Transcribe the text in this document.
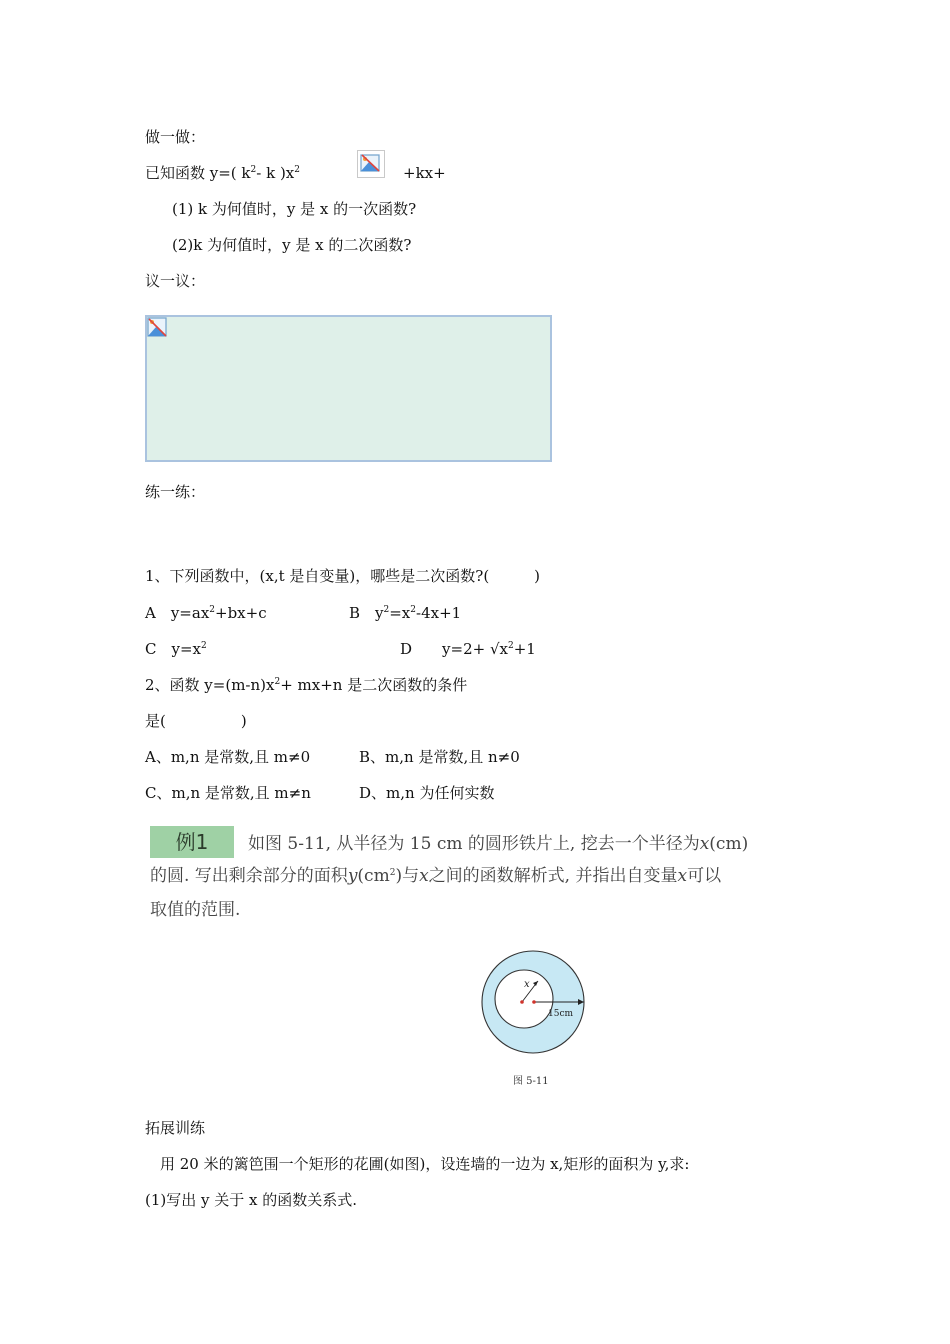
做一做：
已知函数 y=( $k^2-$ k )$x^2$	+kx+
(1) k 为何值时，y 是 x 的一次函数?
(2)k 为何值时，y 是 x 的二次函数?
议一议：
练一练：
1、下列函数中，(x,t 是自变量)，哪些是二次函数?(　　　)
A　$y=ax^2+bx+c$	B　$y^2=x^2-4x+1$
C　$y=x^2$	D　　$y=2+ √x^2+1$
2、函数 $y=(m-n)x^2+ mx+n$ 是二次函数的条件
是(　　　　　)
A、m,n 是常数,且 m≠0	B、m,n 是常数,且 n≠0
C、m,n 是常数,且 m≠n	D、m,n 为任何实数
例1	如图 5-11, 从半径为 15 cm 的圆形铁片上, 挖去一个半径为x(cm)
的圆. 写出剩余部分的面积$y(cm^2)$与x之间的函数解析式, 并指出自变量x可以
取值的范围.
x
15cm
图 5-11
拓展训练
用 20 米的篱笆围一个矩形的花圃(如图)，设连墙的一边为 x,矩形的面积为 y,求:
(1)写出 y 关于 x 的函数关系式.
